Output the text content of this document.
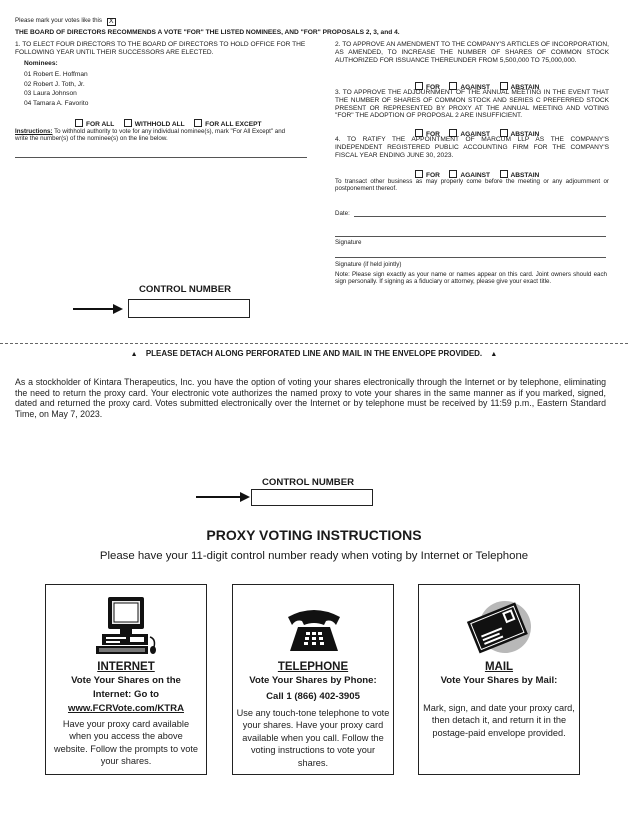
Please mark your votes like this X
THE BOARD OF DIRECTORS RECOMMENDS A VOTE "FOR" THE LISTED NOMINEES, AND "FOR" PROPOSALS 2, 3, and 4.
1. TO ELECT FOUR DIRECTORS TO THE BOARD OF DIRECTORS TO HOLD OFFICE FOR THE FOLLOWING YEAR UNTIL THEIR SUCCESSORS ARE ELECTED.
Nominees:
01 Robert E. Hoffman
02 Robert J. Toth, Jr.
03 Laura Johnson
04 Tamara A. Favorito
FOR ALL	WITHHOLD ALL	FOR ALL EXCEPT
Instructions: To withhold authority to vote for any individual nominee(s), mark "For All Except" and write the number(s) of the nominee(s) on the line below.
2. TO APPROVE AN AMENDMENT TO THE COMPANY'S ARTICLES OF INCORPORATION, AS AMENDED, TO INCREASE THE NUMBER OF SHARES OF COMMON STOCK AUTHORIZED FOR ISSUANCE THEREUNDER FROM 5,500,000 TO 75,000,000.
FOR	AGAINST	ABSTAIN
3. TO APPROVE THE ADJOURNMENT OF THE ANNUAL MEETING IN THE EVENT THAT THE NUMBER OF SHARES OF COMMON STOCK AND SERIES C PREFERRED STOCK PRESENT OR REPRESENTED BY PROXY AT THE ANNUAL MEETING AND VOTING "FOR" THE ADOPTION OF PROPOSAL 2 ARE INSUFFICIENT.
FOR	AGAINST	ABSTAIN
4. TO RATIFY THE APPOINTMENT OF MARCUM LLP AS THE COMPANY'S INDEPENDENT REGISTERED PUBLIC ACCOUNTING FIRM FOR THE COMPANY'S FISCAL YEAR ENDING JUNE 30, 2023.
FOR	AGAINST	ABSTAIN
To transact other business as may properly come before the meeting or any adjournment or postponement thereof.
Date:
Signature
Signature (if held jointly)
Note: Please sign exactly as your name or names appear on this card. Joint owners should each sign personally. If signing as a fiduciary or attorney, please give your exact title.
CONTROL NUMBER
▲ PLEASE DETACH ALONG PERFORATED LINE AND MAIL IN THE ENVELOPE PROVIDED. ▲
As a stockholder of Kintara Therapeutics, Inc. you have the option of voting your shares electronically through the Internet or by telephone, eliminating the need to return the proxy card. Your electronic vote authorizes the named proxy to vote your shares in the same manner as if you marked, signed, dated and returned the proxy card. Votes submitted electronically over the Internet or by telephone must be received by 11:59 p.m., Eastern Standard Time, on May 7, 2023.
CONTROL NUMBER
PROXY VOTING INSTRUCTIONS
Please have your 11-digit control number ready when voting by Internet or Telephone
INTERNET
Vote Your Shares on the
Internet: Go to
www.FCRVote.com/KTRA
Have your proxy card available when you access the above website. Follow the prompts to vote your shares.
TELEPHONE
Vote Your Shares by Phone:
Call 1 (866) 402-3905
Use any touch-tone telephone to vote your shares. Have your proxy card available when you call. Follow the voting instructions to vote your shares.
MAIL
Vote Your Shares by Mail:
Mark, sign, and date your proxy card, then detach it, and return it in the postage-paid envelope provided.
